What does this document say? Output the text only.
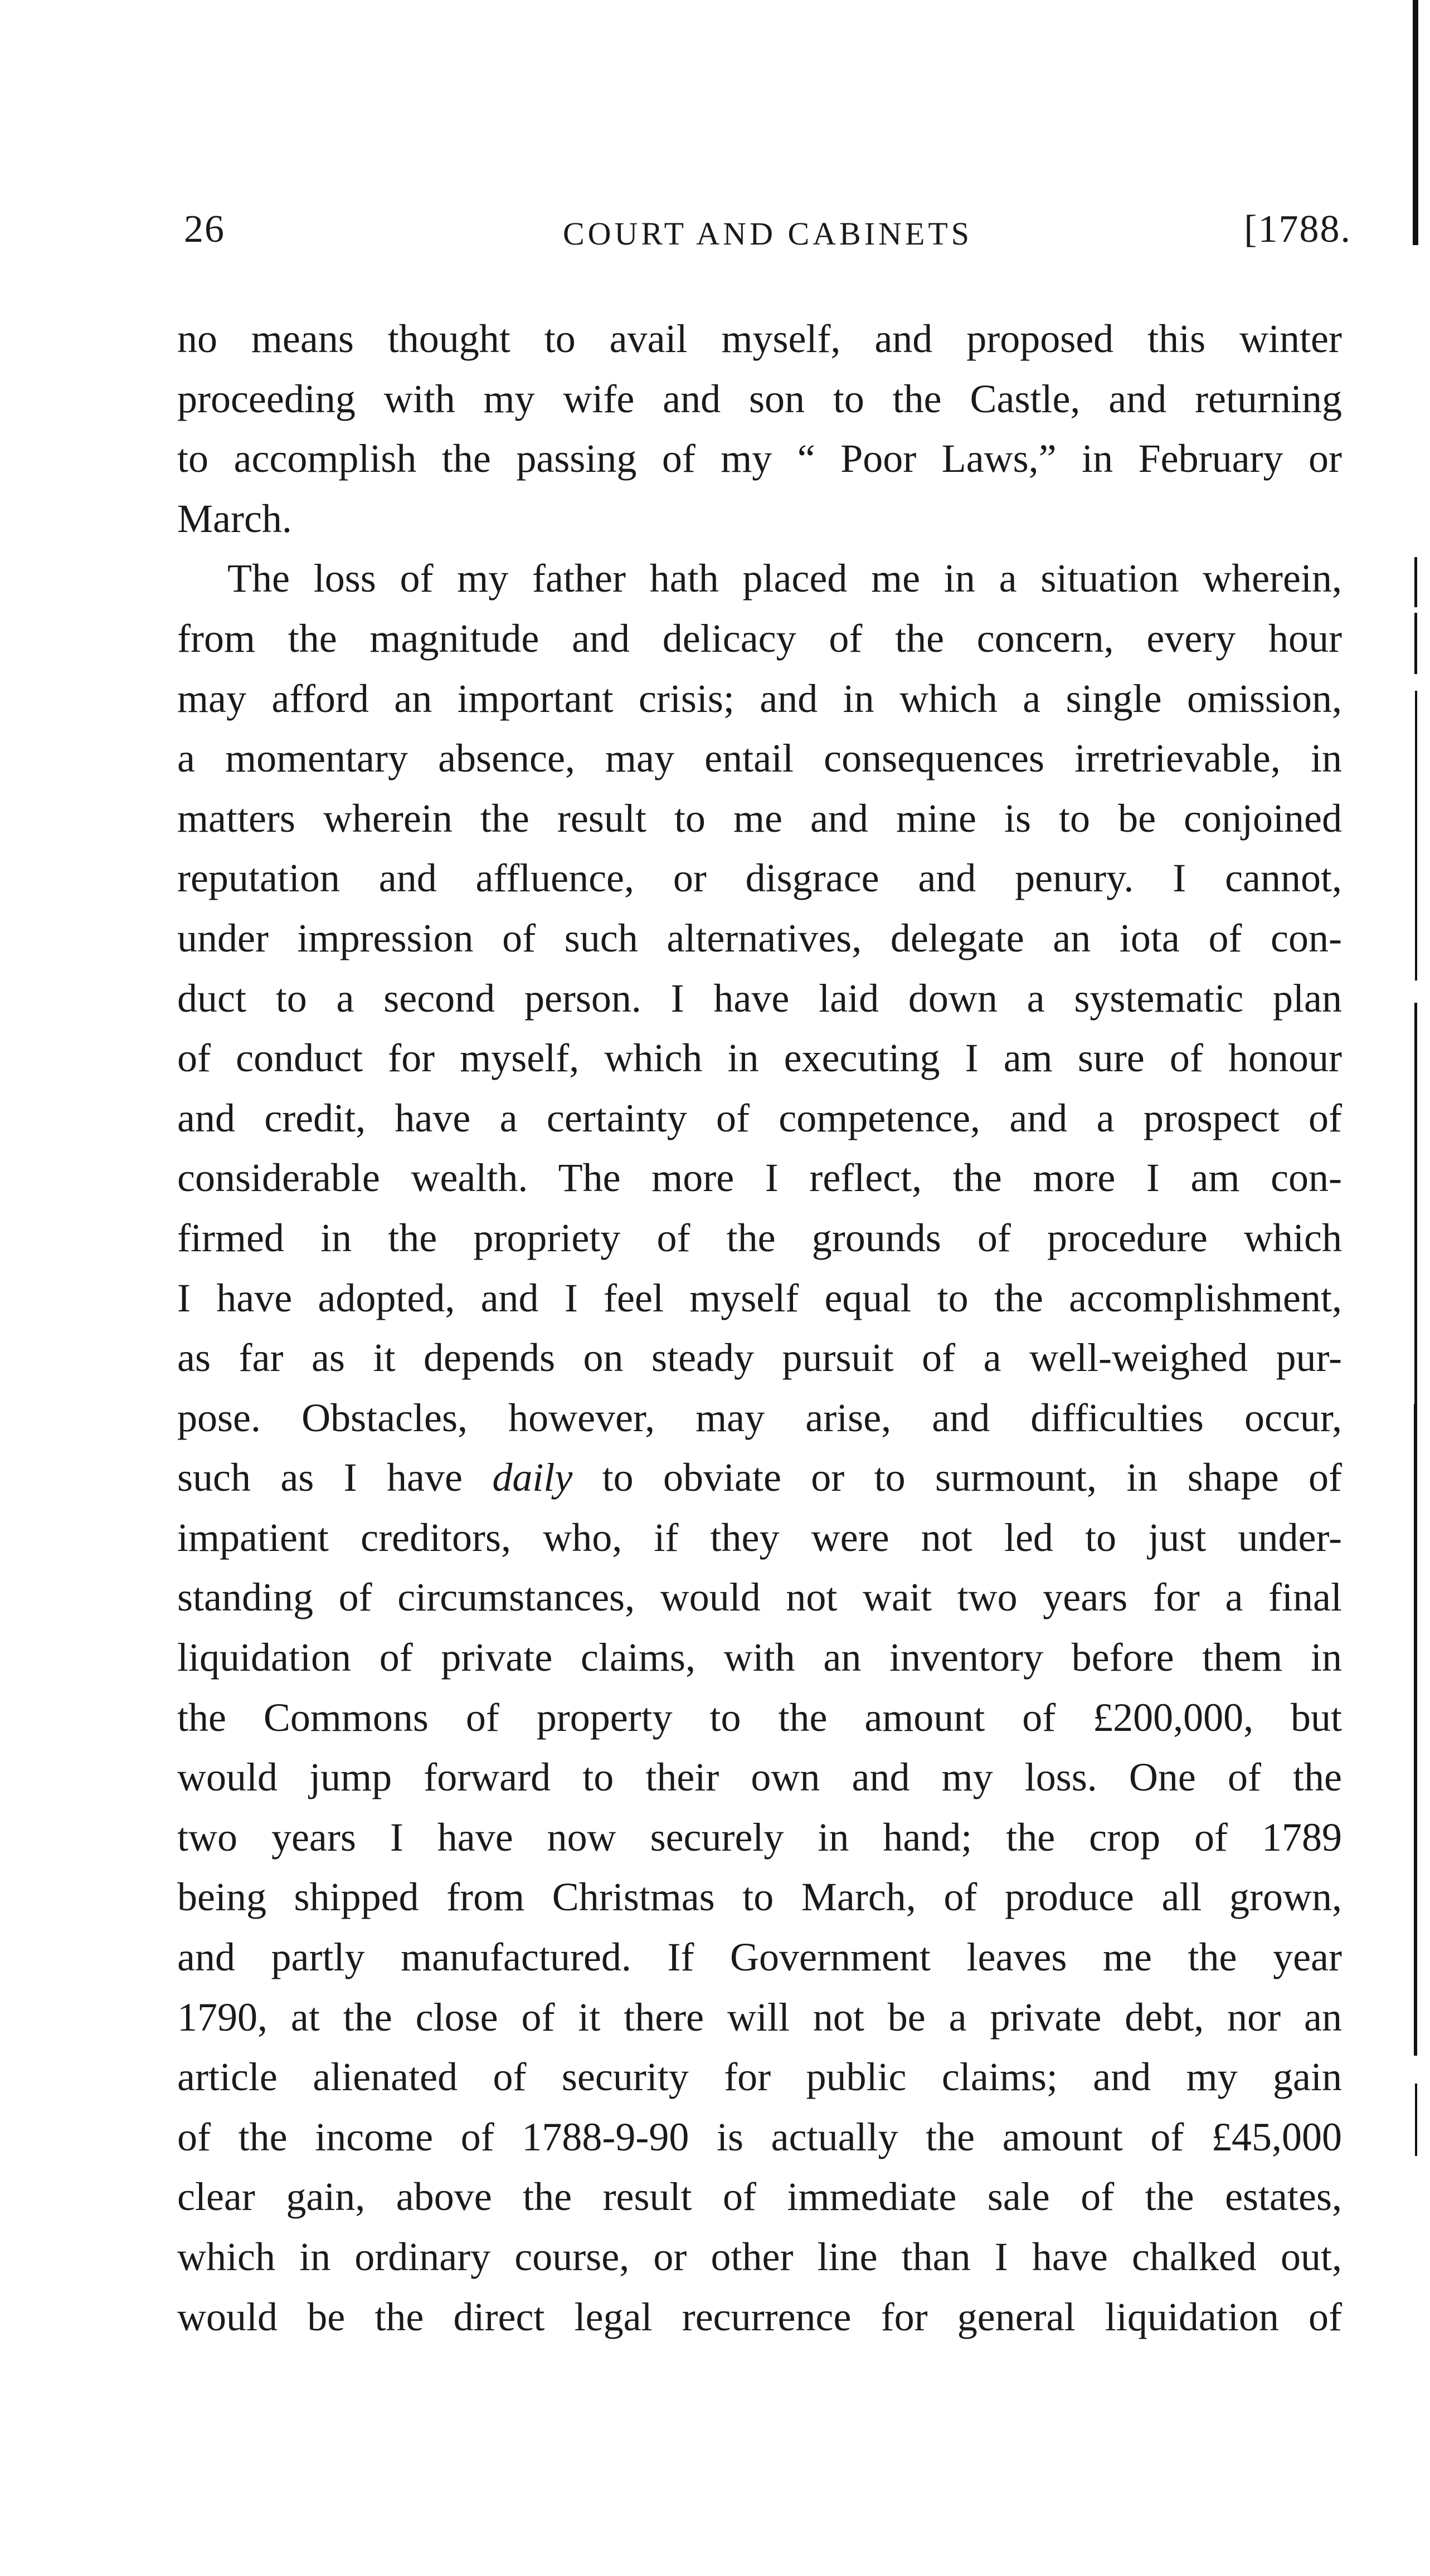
26	COURT AND CABINETS	[1788.
no means thought to avail myself, and proposed this winter
proceeding with my wife and son to the Castle, and returning
to accomplish the passing of my “ Poor Laws,” in February or
March.
The loss of my father hath placed me in a situation wherein,
from the magnitude and delicacy of the concern, every hour
may afford an important crisis; and in which a single omission,
a momentary absence, may entail consequences irretrievable, in
matters wherein the result to me and mine is to be conjoined
reputation and affluence, or disgrace and penury. I cannot,
under impression of such alternatives, delegate an iota of con-
duct to a second person. I have laid down a systematic plan
of conduct for myself, which in executing I am sure of honour
and credit, have a certainty of competence, and a prospect of
considerable wealth. The more I reflect, the more I am con-
firmed in the propriety of the grounds of procedure which
I have adopted, and I feel myself equal to the accomplishment,
as far as it depends on steady pursuit of a well-weighed pur-
pose. Obstacles, however, may arise, and difficulties occur,
such as I have daily to obviate or to surmount, in shape of
impatient creditors, who, if they were not led to just under-
standing of circumstances, would not wait two years for a final
liquidation of private claims, with an inventory before them in
the Commons of property to the amount of £200,000, but
would jump forward to their own and my loss. One of the
two years I have now securely in hand; the crop of 1789
being shipped from Christmas to March, of produce all grown,
and partly manufactured. If Government leaves me the year
1790, at the close of it there will not be a private debt, nor an
article alienated of security for public claims; and my gain
of the income of 1788-9-90 is actually the amount of £45,000
clear gain, above the result of immediate sale of the estates,
which in ordinary course, or other line than I have chalked out,
would be the direct legal recurrence for general liquidation of
